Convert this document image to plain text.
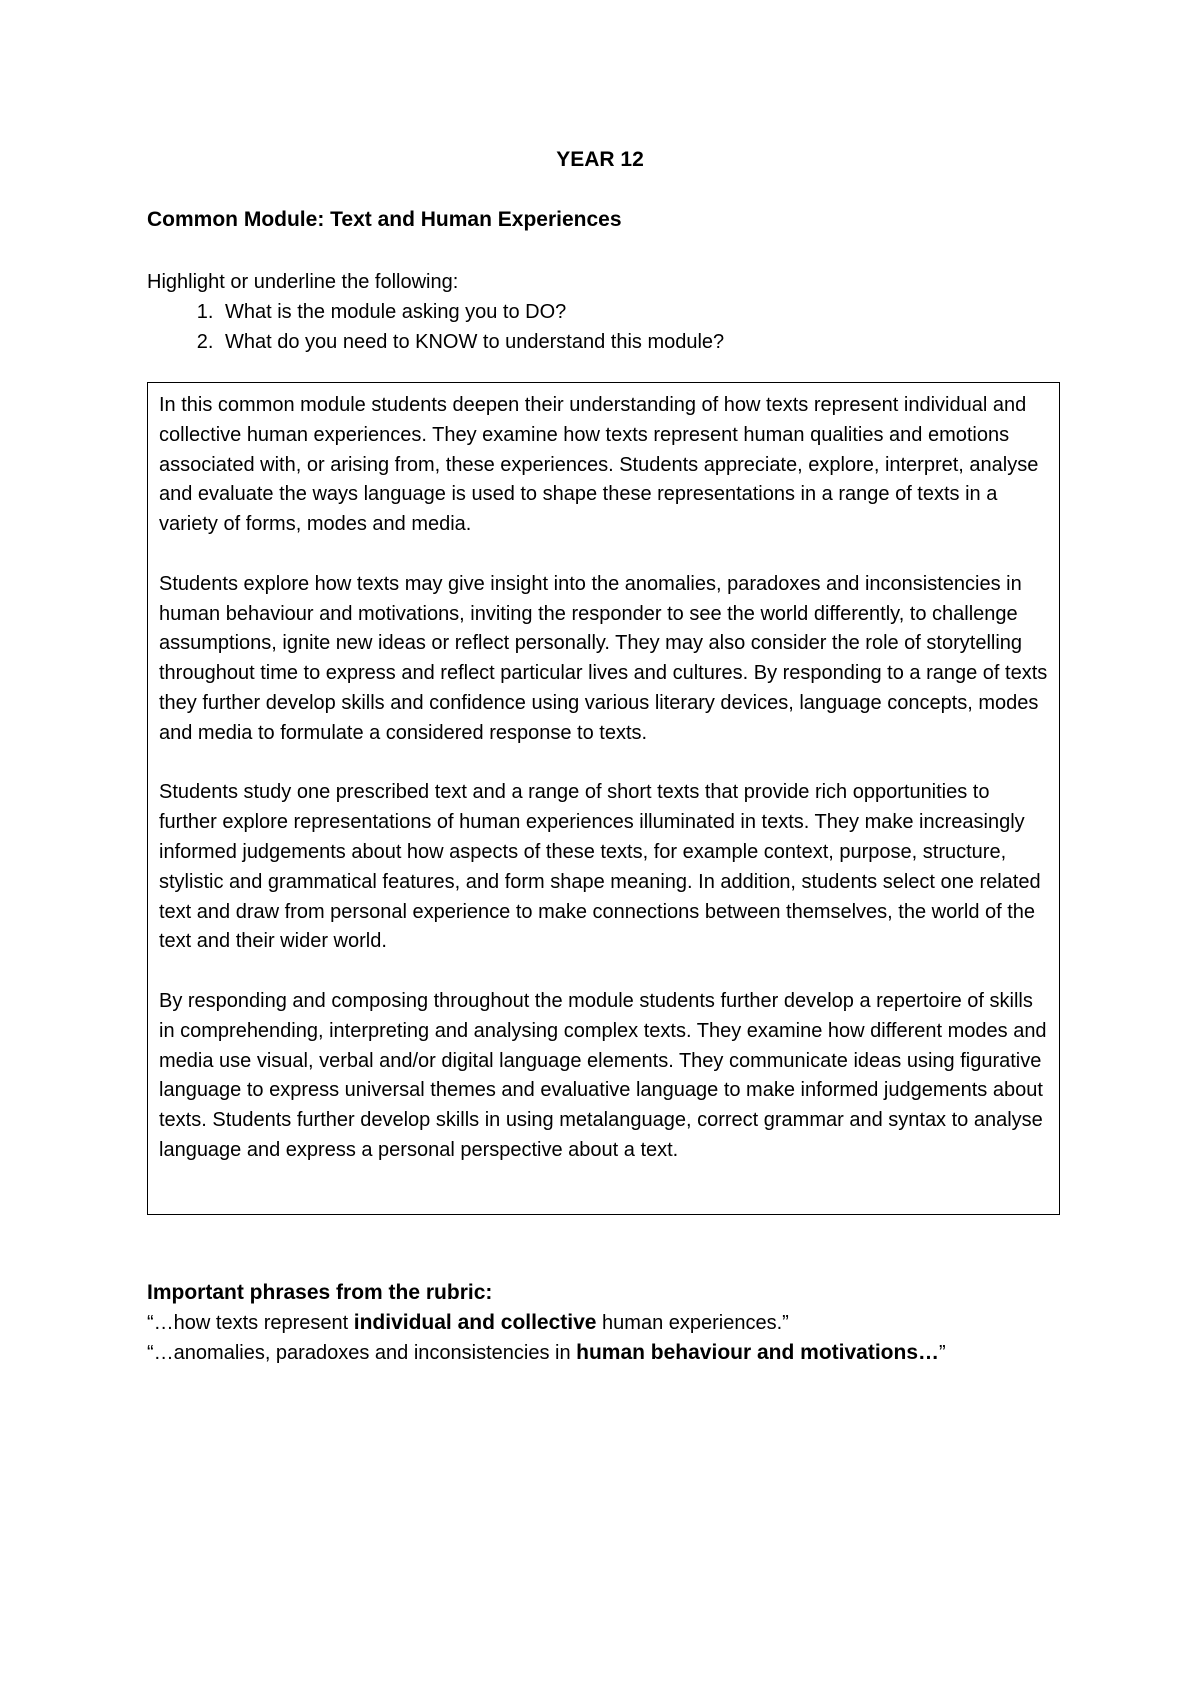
YEAR 12
Common Module: Text and Human Experiences
Highlight or underline the following:
1. What is the module asking you to DO?
2. What do you need to KNOW to understand this module?

In this common module students deepen their understanding of how texts represent individual and collective human experiences. They examine how texts represent human qualities and emotions associated with, or arising from, these experiences. Students appreciate, explore, interpret, analyse and evaluate the ways language is used to shape these representations in a range of texts in a variety of forms, modes and media.

Students explore how texts may give insight into the anomalies, paradoxes and inconsistencies in human behaviour and motivations, inviting the responder to see the world differently, to challenge assumptions, ignite new ideas or reflect personally. They may also consider the role of storytelling throughout time to express and reflect particular lives and cultures. By responding to a range of texts they further develop skills and confidence using various literary devices, language concepts, modes and media to formulate a considered response to texts.

Students study one prescribed text and a range of short texts that provide rich opportunities to further explore representations of human experiences illuminated in texts. They make increasingly informed judgements about how aspects of these texts, for example context, purpose, structure, stylistic and grammatical features, and form shape meaning. In addition, students select one related text and draw from personal experience to make connections between themselves, the world of the text and their wider world.

By responding and composing throughout the module students further develop a repertoire of skills in comprehending, interpreting and analysing complex texts. They examine how different modes and media use visual, verbal and/or digital language elements. They communicate ideas using figurative language to express universal themes and evaluative language to make informed judgements about texts. Students further develop skills in using metalanguage, correct grammar and syntax to analyse language and express a personal perspective about a text.

Important phrases from the rubric:
“…how texts represent individual and collective human experiences.”
“…anomalies, paradoxes and inconsistencies in human behaviour and motivations…”
